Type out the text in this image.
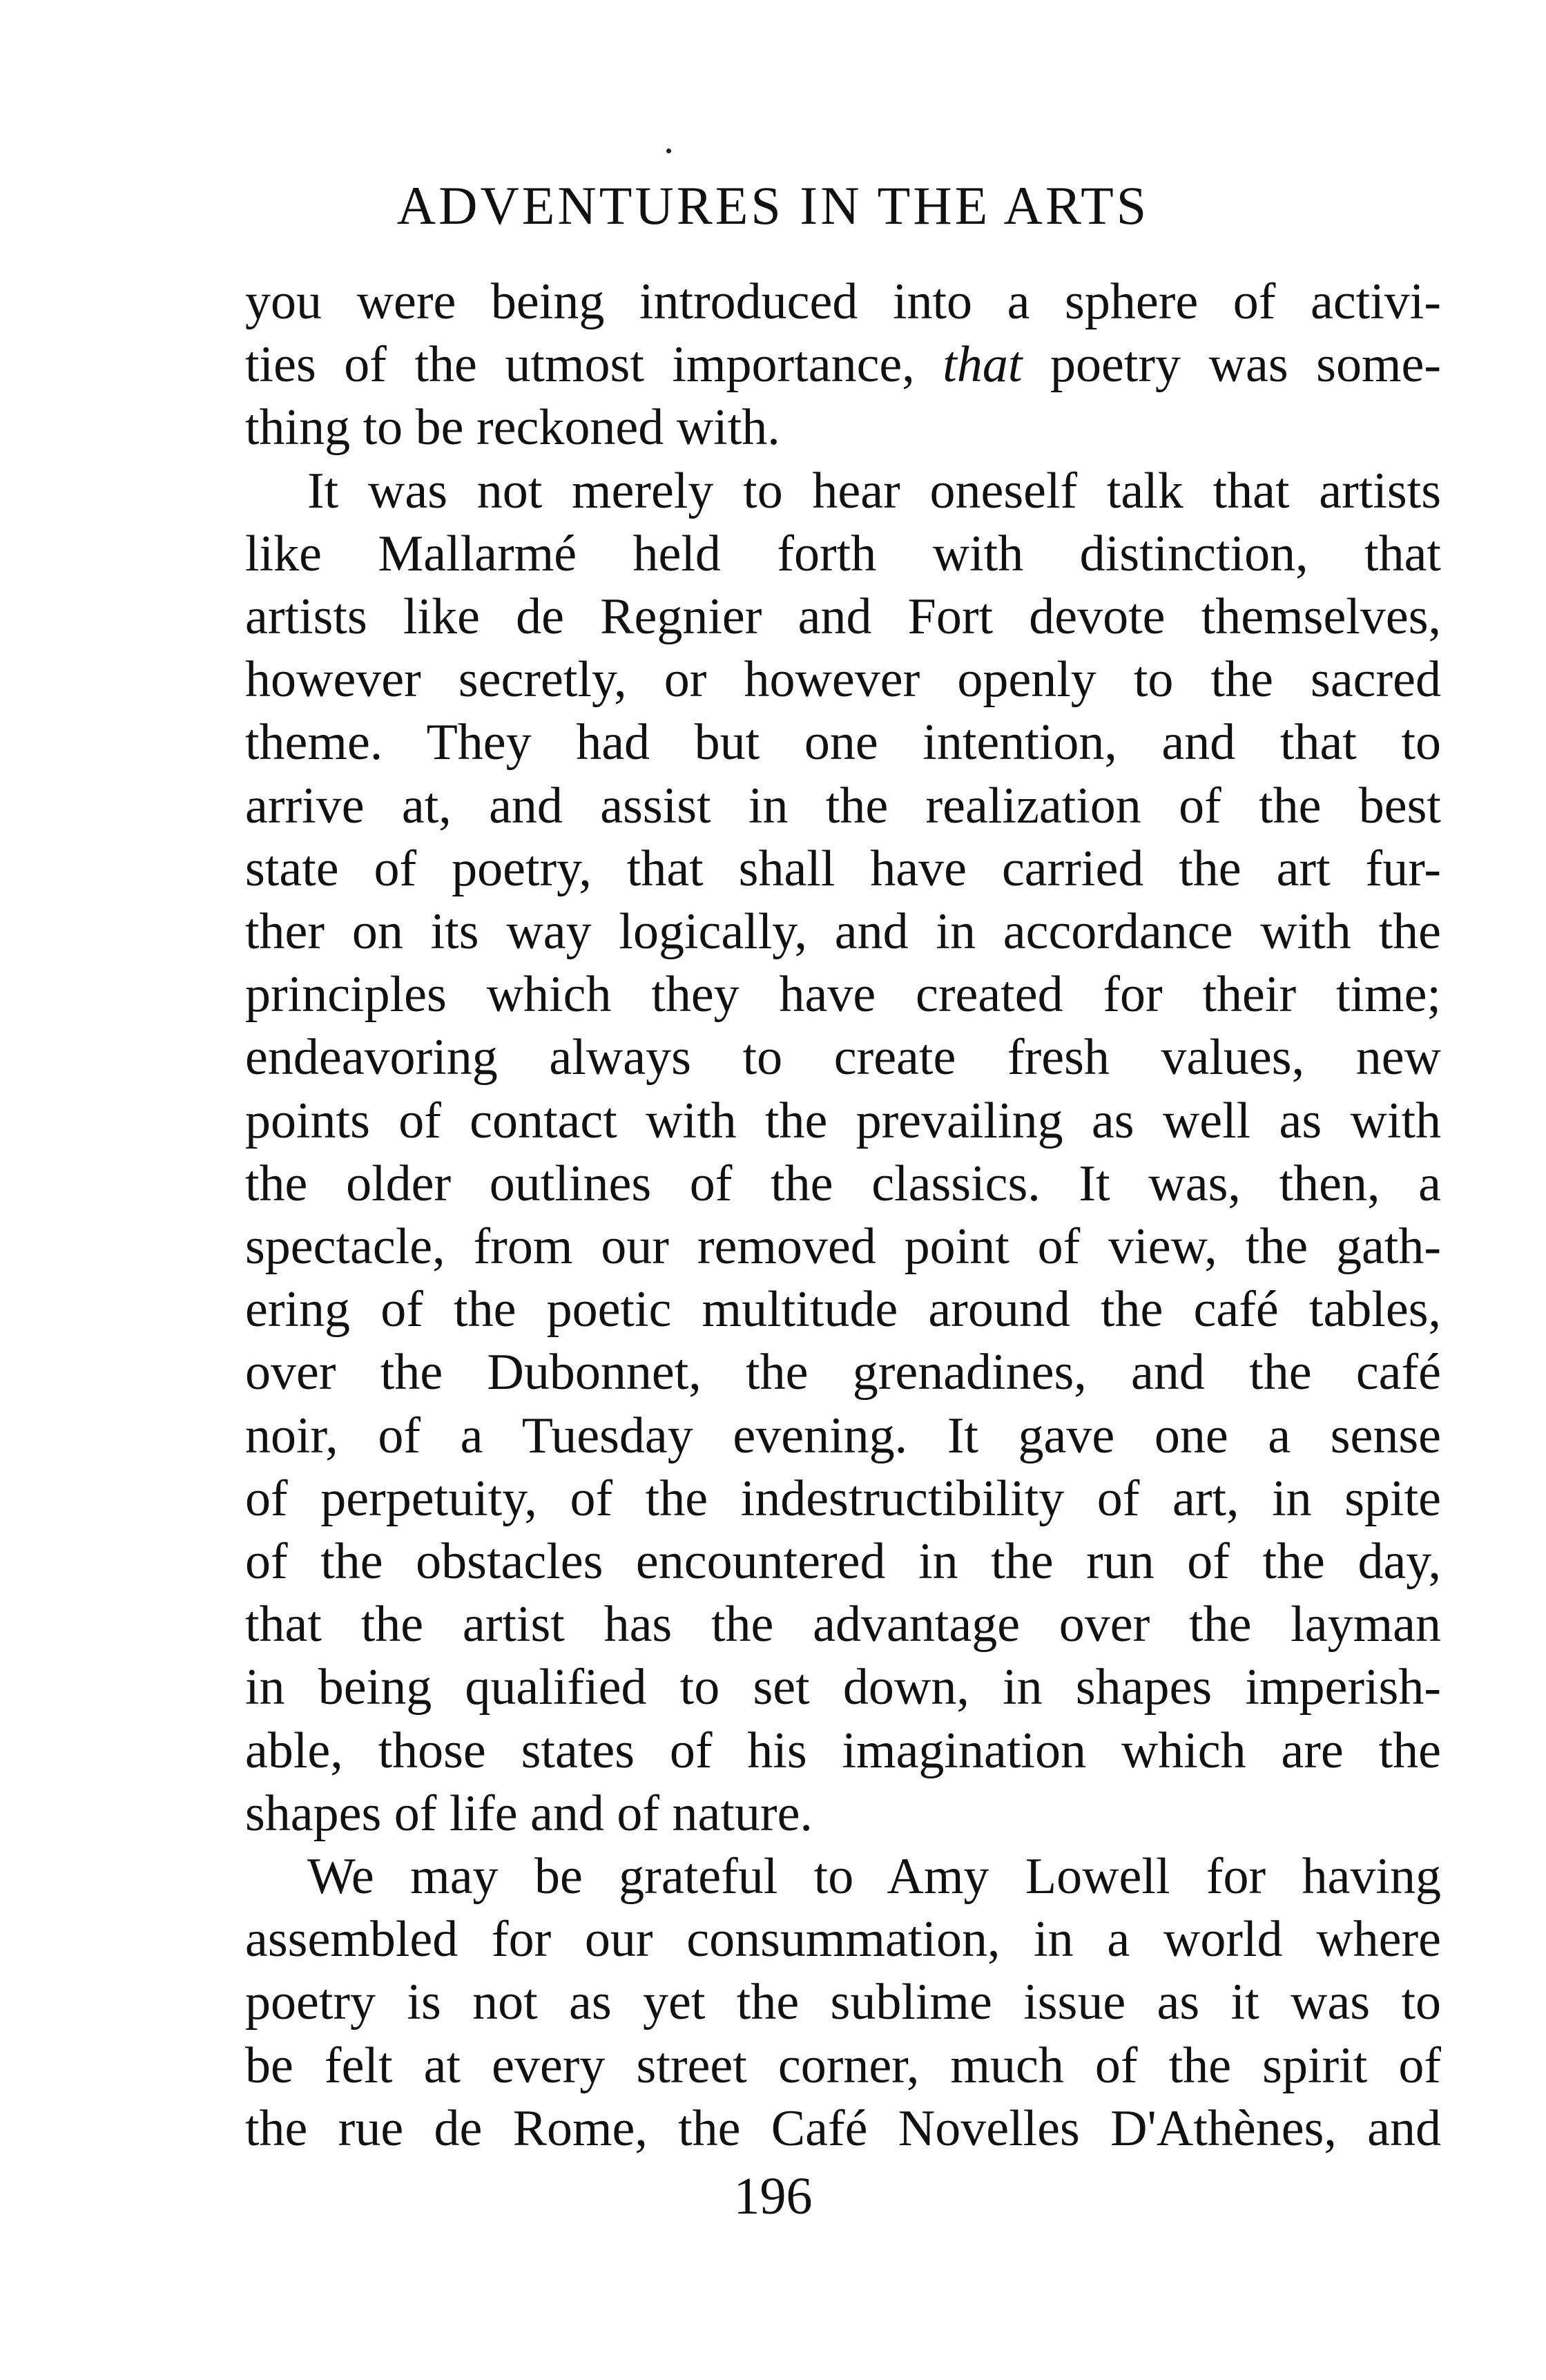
ADVENTURES IN THE ARTS
you were being introduced into a sphere of activi-
ties of the utmost importance, that poetry was some-
thing to be reckoned with.
It was not merely to hear oneself talk that artists
like Mallarmé held forth with distinction, that
artists like de Regnier and Fort devote themselves,
however secretly, or however openly to the sacred
theme. They had but one intention, and that to
arrive at, and assist in the realization of the best
state of poetry, that shall have carried the art fur-
ther on its way logically, and in accordance with the
principles which they have created for their time;
endeavoring always to create fresh values, new
points of contact with the prevailing as well as with
the older outlines of the classics. It was, then, a
spectacle, from our removed point of view, the gath-
ering of the poetic multitude around the café tables,
over the Dubonnet, the grenadines, and the café
noir, of a Tuesday evening. It gave one a sense
of perpetuity, of the indestructibility of art, in spite
of the obstacles encountered in the run of the day,
that the artist has the advantage over the layman
in being qualified to set down, in shapes imperish-
able, those states of his imagination which are the
shapes of life and of nature.
We may be grateful to Amy Lowell for having
assembled for our consummation, in a world where
poetry is not as yet the sublime issue as it was to
be felt at every street corner, much of the spirit of
the rue de Rome, the Café Novelles D'Athènes, and
196
